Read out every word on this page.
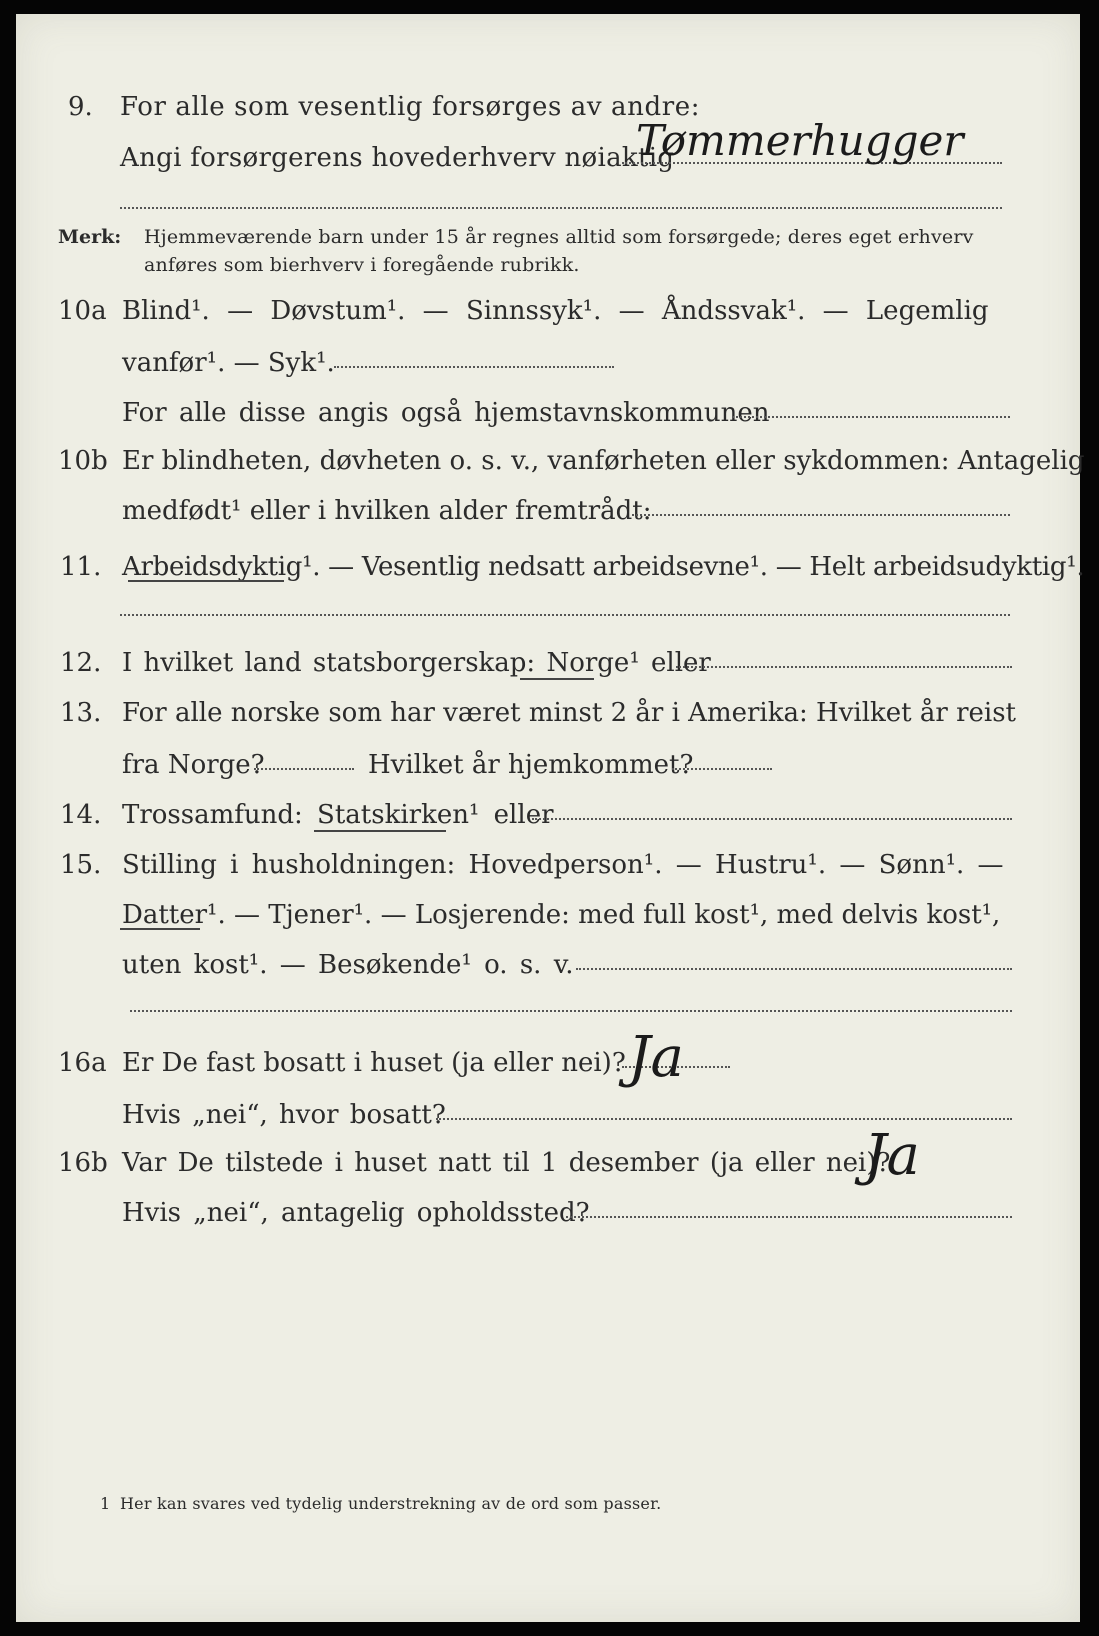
9. For alle som vesentlig forsørges av andre:
Angi forsørgerens hovederhverv nøiaktig
Tømmerhugger
Merk: Hjemmeværende barn under 15 år regnes alltid som forsørgede; deres eget erhverv
anføres som bierhverv i foregående rubrikk.
10a Blind¹. — Døvstum¹. — Sinnssyk¹. — Åndssvak¹. — Legemlig
vanfør¹. — Syk¹.
For alle disse angis også hjemstavnskommunen
10b Er blindheten, døvheten o. s. v., vanførheten eller sykdommen: Antagelig
medfødt¹ eller i hvilken alder fremtrådt:
11. Arbeidsdyktig¹. — Vesentlig nedsatt arbeidsevne¹. — Helt arbeidsudyktig¹.
12. I hvilket land statsborgerskap: Norge¹ eller
13. For alle norske som har været minst 2 år i Amerika: Hvilket år reist
fra Norge?	Hvilket år hjemkommet?
14. Trossamfund: Statskirken¹ eller
15. Stilling i husholdningen: Hovedperson¹. — Hustru¹. — Sønn¹. —
Datter¹. — Tjener¹. — Losjerende: med full kost¹, med delvis kost¹,
uten kost¹. — Besøkende¹ o. s. v.
16a Er De fast bosatt i huset (ja eller nei)? Ja
Hvis „nei“, hvor bosatt?
16b Var De tilstede i huset natt til 1 desember (ja eller nei)?
Ja
Hvis „nei“, antagelig opholdssted?
1 Her kan svares ved tydelig understrekning av de ord som passer.
